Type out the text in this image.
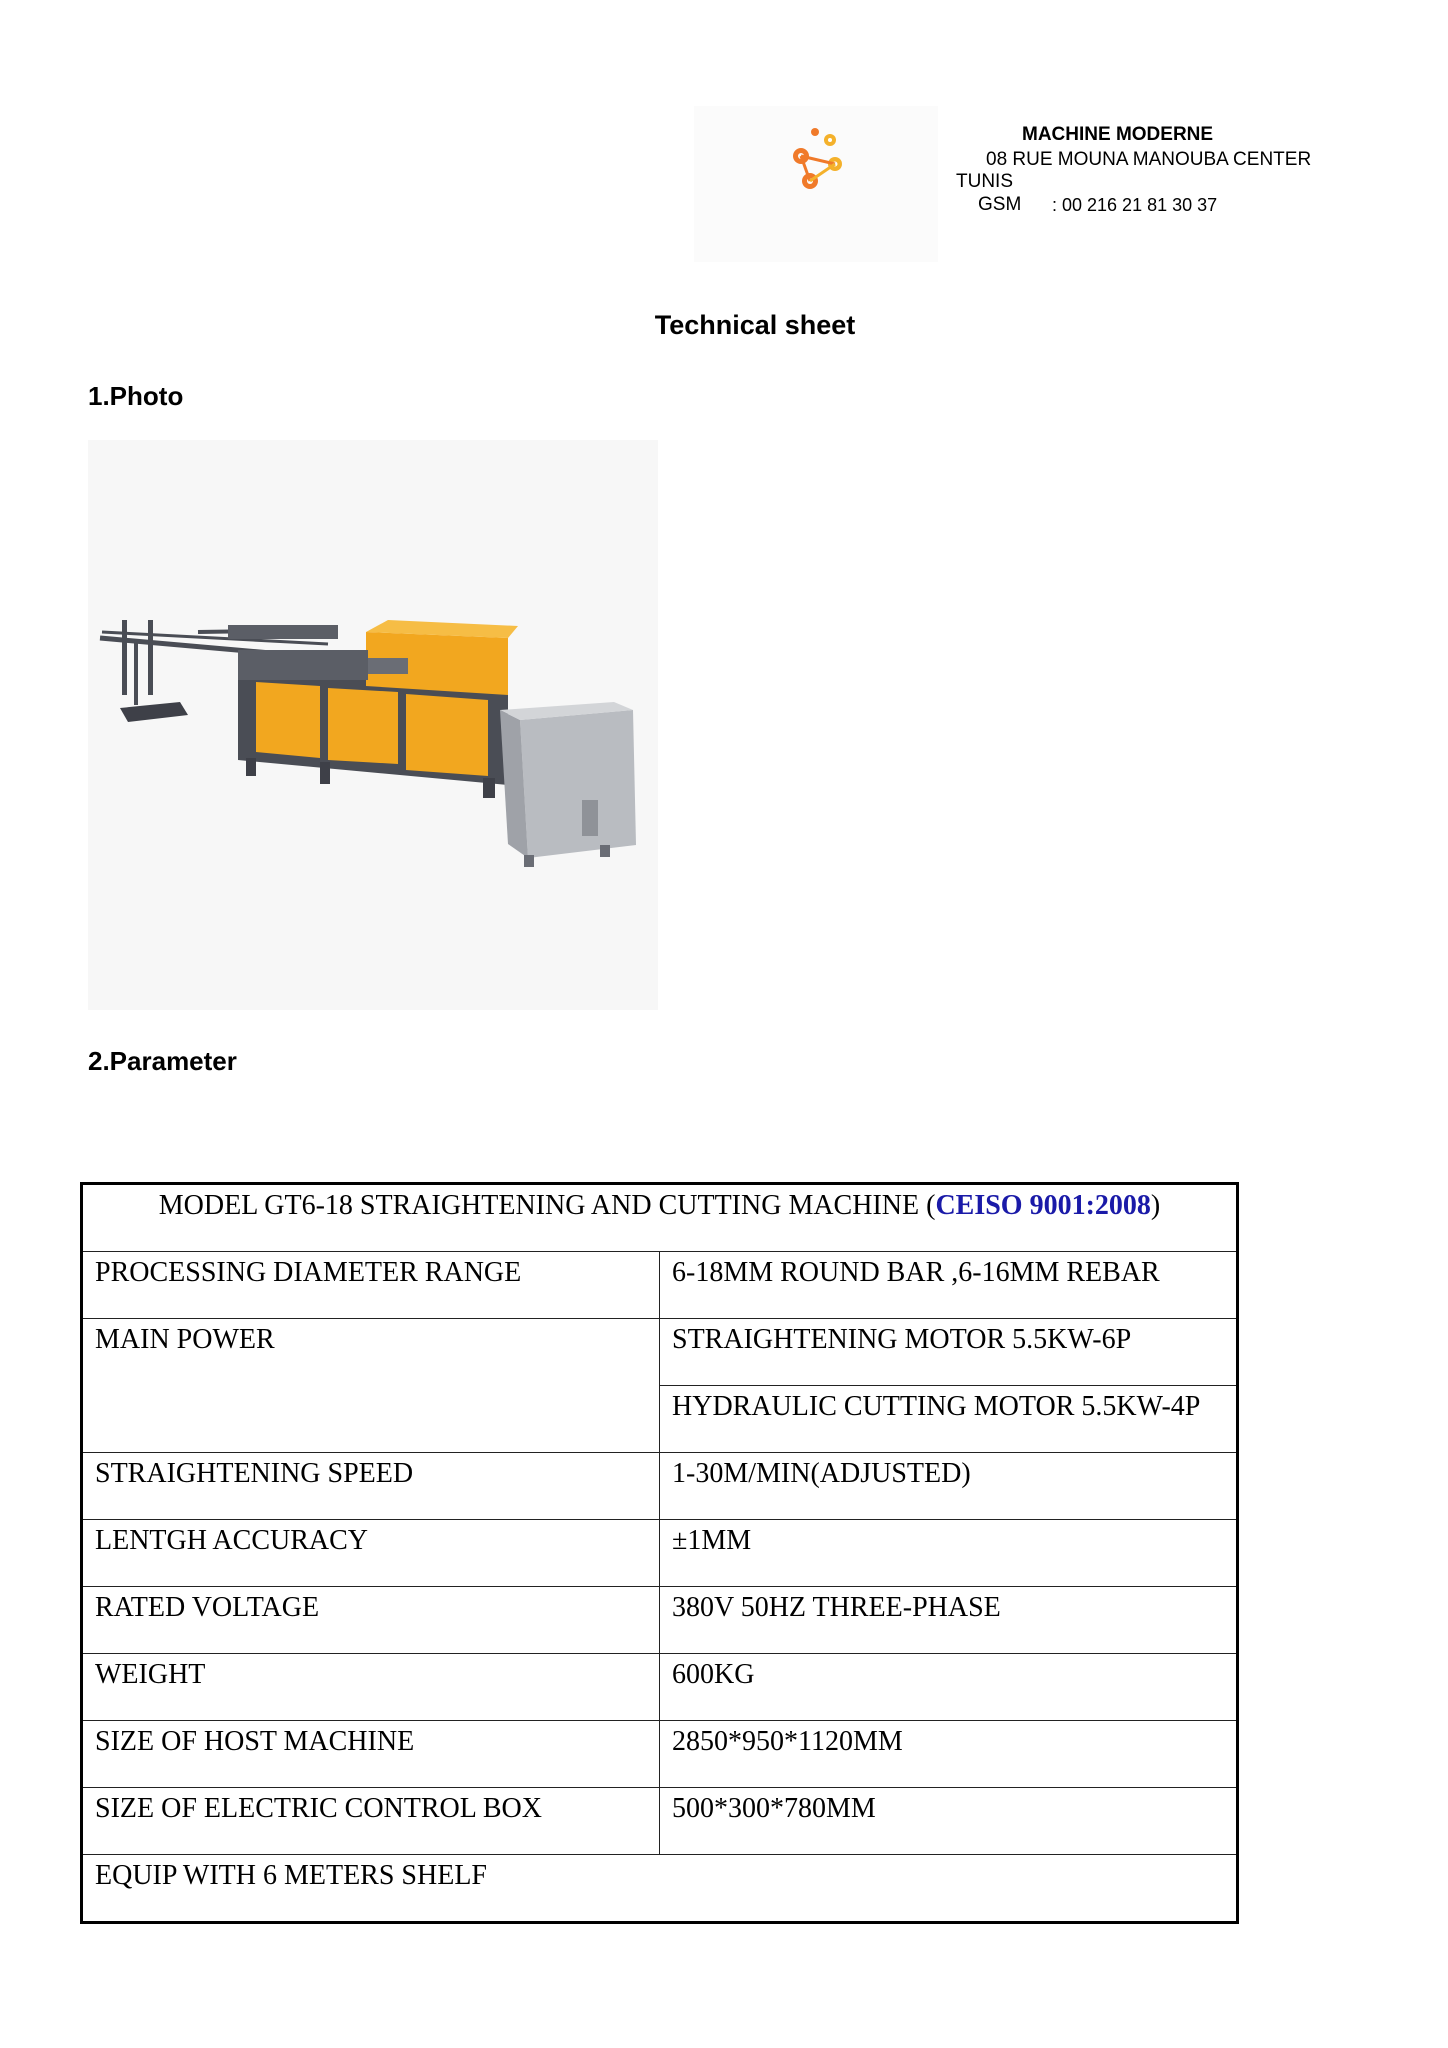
MACHINE MODERNE
08 RUE MOUNA MANOUBA CENTER
TUNIS
GSM : 00 216 21 81 30 37
Technical sheet
1.Photo
2.Parameter
MODEL GT6-18 STRAIGHTENING AND CUTTING MACHINE (CEISO 9001:2008)	
PROCESSING DIAMETER RANGE	6-18MM ROUND BAR ,6-16MM REBAR
MAIN POWER	STRAIGHTENING MOTOR 5.5KW-6P
	HYDRAULIC CUTTING MOTOR 5.5KW-4P
STRAIGHTENING SPEED	1-30M/MIN(ADJUSTED)
LENTGH ACCURACY	±1MM
RATED VOLTAGE	380V 50HZ THREE-PHASE
WEIGHT	600KG
SIZE OF HOST MACHINE	2850*950*1120MM
SIZE OF ELECTRIC CONTROL BOX	500*300*780MM
EQUIP WITH 6 METERS SHELF	
